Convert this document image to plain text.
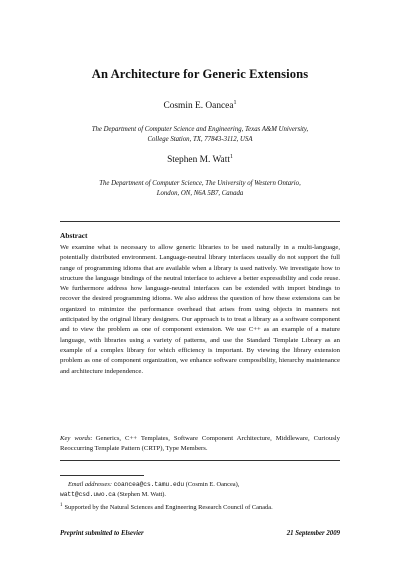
An Architecture for Generic Extensions
Cosmin E. Oancea$^1$
The Department of Computer Science and Engineering, Texas A&M University,
College Station, TX, 77843-3112, USA
Stephen M. Watt$^1$
The Department of Computer Science, The University of Western Ontario,
London, ON, N6A 5B7, Canada
Abstract

We examine what is necessary to allow generic libraries to be used naturally in a multi-language, potentially distributed environment. Language-neutral library interfaces usually do not support the full range of programming idioms that are available when a library is used natively. We investigate how to structure the language bindings of the neutral interface to achieve a better expressibility and code reuse. We furthermore address how language-neutral interfaces can be extended with import bindings to recover the desired programming idioms. We also address the question of how these extensions can be organized to minimize the performance overhead that arises from using objects in manners not anticipated by the original library designers. Our approach is to treat a library as a software component and to view the problem as one of component extension. We use C++ as an example of a mature language, with libraries using a variety of patterns, and use the Standard Template Library as an example of a complex library for which efficiency is important. By viewing the library extension problem as one of component organization, we enhance software composibility, hierarchy maintenance and architecture independence.

Key words: Generics, C++ Templates, Software Component Architecture, Middleware, Curiously Reoccurring Template Pattern (CRTP), Type Members.

Email addresses: coancea@cs.tamu.edu (Cosmin E. Oancea),
watt@csd.uwo.ca (Stephen M. Watt).

$^1$ Supported by the Natural Sciences and Engineering Research Council of Canada.

Preprint submitted to Elsevier	21 September 2009
